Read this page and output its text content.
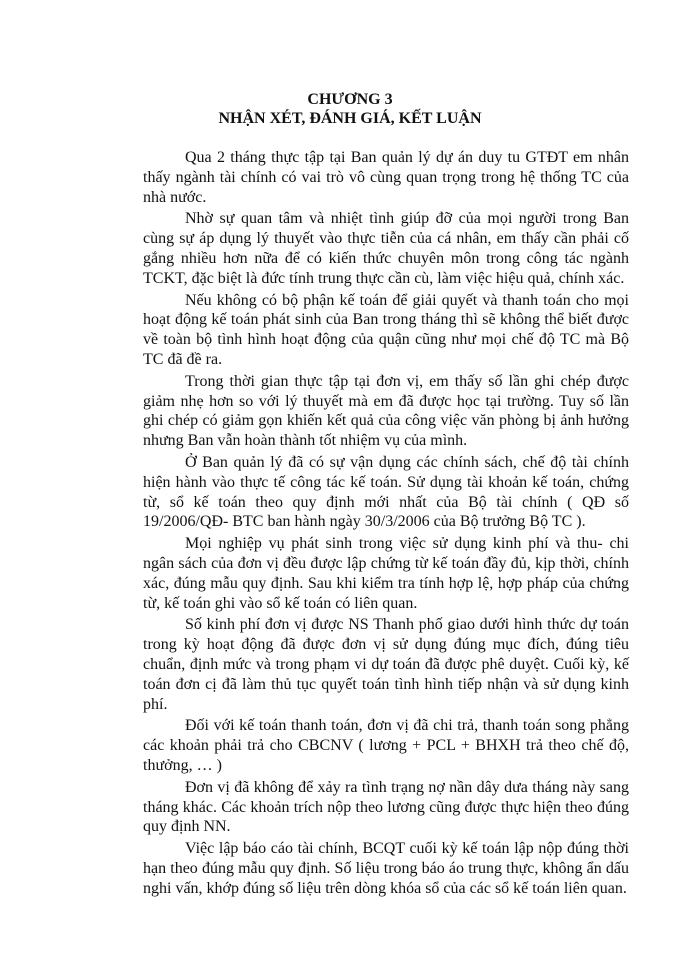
CHƯƠNG 3

NHẬN XÉT, ĐÁNH GIÁ, KẾT LUẬN

Qua 2 tháng thực tập tại Ban quản lý dự án duy tu GTĐT em nhân thấy ngành tài chính có vai trò vô cùng quan trọng trong hệ thống TC của nhà nước.

Nhờ sự quan tâm và nhiệt tình giúp đỡ của mọi người trong Ban cùng sự áp dụng lý thuyết vào thực tiễn của cá nhân, em thấy cần phải cố gắng nhiều hơn nữa để có kiến thức chuyên môn trong công tác ngành TCKT, đặc biệt là đức tính trung thực cần cù, làm việc hiệu quả, chính xác.

Nếu không có bộ phận kế toán để giải quyết và thanh toán cho mọi hoạt động kế toán phát sinh của Ban trong tháng thì sẽ không thể biết được về toàn bộ tình hình hoạt động của quận cũng như mọi chế độ TC mà Bộ TC đã đề ra.

Trong thời gian thực tập tại đơn vị, em thấy số lần ghi chép được giảm nhẹ hơn so với lý thuyết mà em đã được học tại trường. Tuy số lần ghi chép có giảm gọn khiến kết quả của công việc văn phòng bị ảnh hưởng nhưng Ban vẫn hoàn thành tốt nhiệm vụ của mình.

Ở Ban quản lý đã có sự vận dụng các chính sách, chế độ tài chính hiện hành vào thực tế công tác kế toán. Sử dụng tài khoản kế toán, chứng từ, sổ kế toán theo quy định mới nhất của Bộ tài chính ( QĐ số 19/2006/QĐ- BTC ban hành ngày 30/3/2006 của Bộ trưởng Bộ TC ).

Mọi nghiệp vụ phát sinh trong việc sử dụng kinh phí và thu- chi ngân sách của đơn vị đều được lập chứng từ kế toán đầy đủ, kịp thời, chính xác, đúng mẫu quy định. Sau khi kiểm tra tính hợp lệ, hợp pháp của chứng từ, kế toán ghi vào sổ kế toán có liên quan.

Số kinh phí đơn vị được NS Thanh phố giao dưới hình thức dự toán trong kỳ hoạt động đã được đơn vị sử dụng đúng mục đích, đúng tiêu chuẩn, định mức và trong phạm vi dự toán đã được phê duyệt. Cuối kỳ, kế toán đơn cị đã làm thủ tục quyết toán tình hình tiếp nhận và sử dụng kinh phí.

Đối với kế toán thanh toán, đơn vị đã chi trả, thanh toán song phẳng các khoản phải trả cho CBCNV ( lương + PCL + BHXH trả theo chế độ, thưởng, … )

Đơn vị đã không để xảy ra tình trạng nợ nần dây dưa tháng này sang tháng khác. Các khoản trích nộp theo lương cũng được thực hiện theo đúng quy định NN.

Việc lập báo cáo tài chính, BCQT cuối kỳ kế toán lập nộp đúng thời hạn theo đúng mẫu quy định. Số liệu trong báo áo trung thực, không ẩn dấu nghi vấn, khớp đúng số liệu trên dòng khóa sổ của các sổ kế toán liên quan.
